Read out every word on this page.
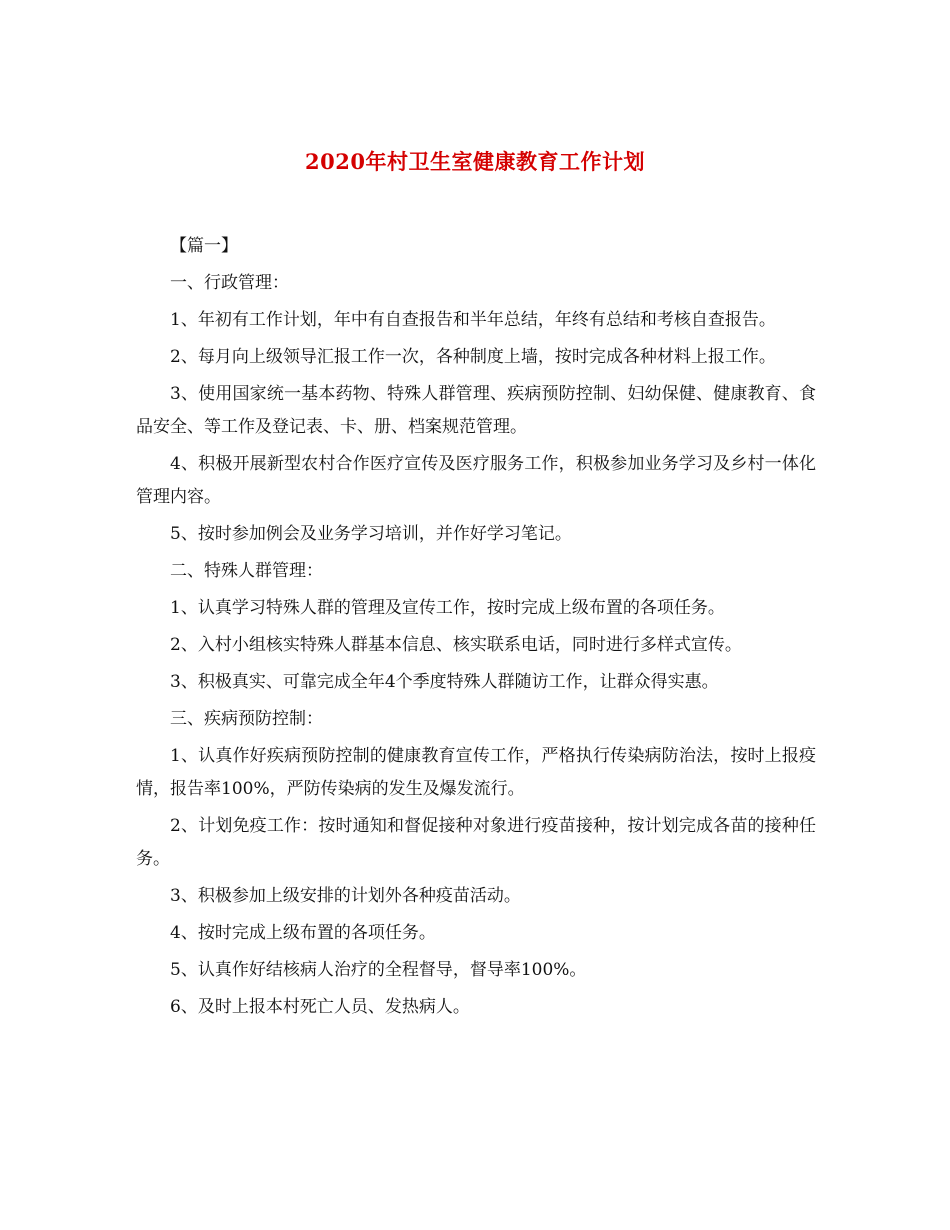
2020年村卫生室健康教育工作计划

【篇一】

一、行政管理：

1、年初有工作计划，年中有自查报告和半年总结，年终有总结和考核自查报告。

2、每月向上级领导汇报工作一次，各种制度上墙，按时完成各种材料上报工作。

3、使用国家统一基本药物、特殊人群管理、疾病预防控制、妇幼保健、健康教育、食品安全、等工作及登记表、卡、册、档案规范管理。

4、积极开展新型农村合作医疗宣传及医疗服务工作，积极参加业务学习及乡村一体化管理内容。

5、按时参加例会及业务学习培训，并作好学习笔记。

二、特殊人群管理：

1、认真学习特殊人群的管理及宣传工作，按时完成上级布置的各项任务。

2、入村小组核实特殊人群基本信息、核实联系电话，同时进行多样式宣传。

3、积极真实、可靠完成全年4个季度特殊人群随访工作，让群众得实惠。

三、疾病预防控制：

1、认真作好疾病预防控制的健康教育宣传工作，严格执行传染病防治法，按时上报疫情，报告率100%，严防传染病的发生及爆发流行。

2、计划免疫工作：按时通知和督促接种对象进行疫苗接种，按计划完成各苗的接种任务。

3、积极参加上级安排的计划外各种疫苗活动。

4、按时完成上级布置的各项任务。

5、认真作好结核病人治疗的全程督导，督导率100%。

6、及时上报本村死亡人员、发热病人。
